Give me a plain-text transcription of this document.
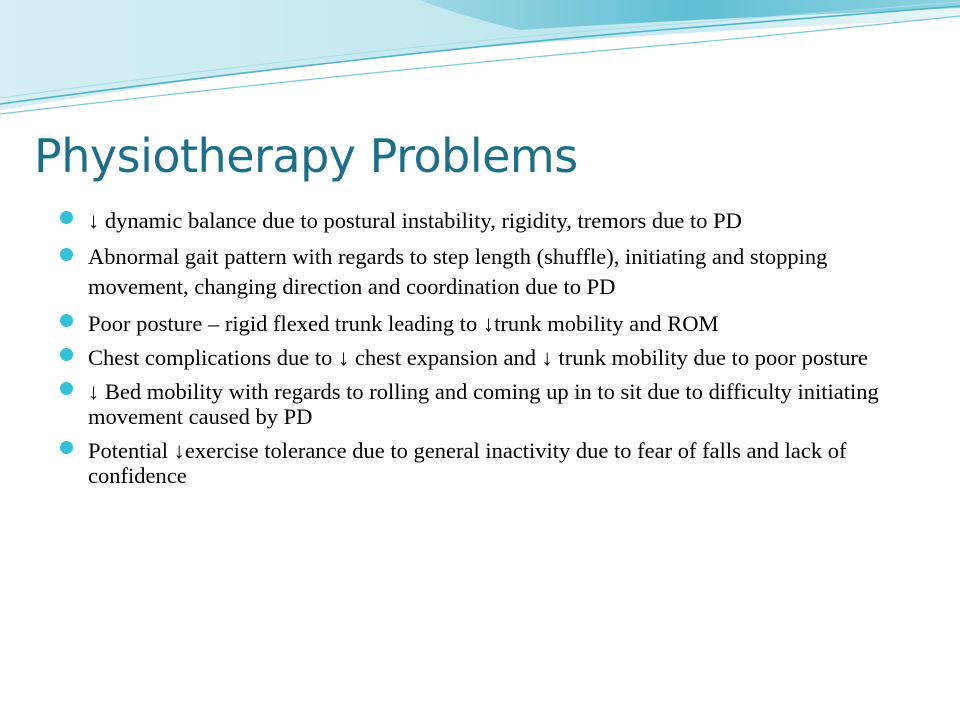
Physiotherapy Problems
↓ dynamic balance due to postural instability, rigidity, tremors due to PD
Abnormal gait pattern with regards to step length (shuffle), initiating and stopping movement, changing direction and coordination due to PD
Poor posture – rigid flexed trunk leading to ↓trunk mobility and ROM
Chest complications due to ↓ chest expansion and ↓ trunk mobility due to poor posture
↓ Bed mobility with regards to rolling and coming up in to sit due to difficulty initiating movement caused by PD
Potential ↓exercise tolerance due to general inactivity due to fear of falls and lack of confidence
